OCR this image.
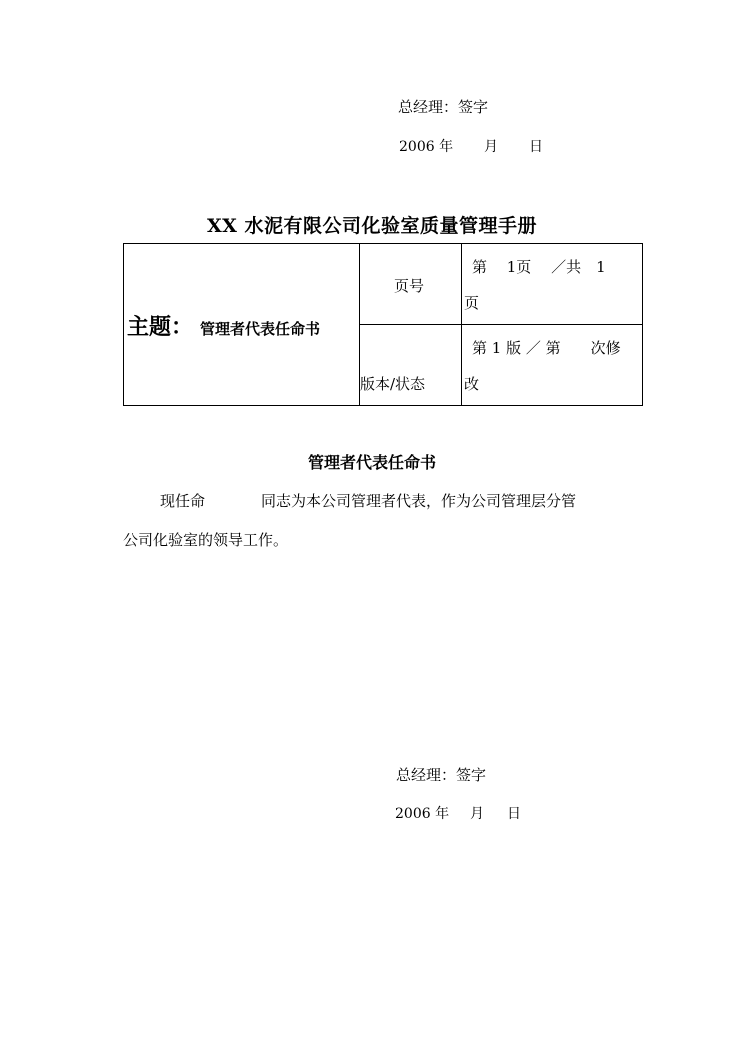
总经理：签字
2006 年 月 日
XX 水泥有限公司化验室质量管理手册
主题： 管理者代表任命书	页号	第　 1页　 ／共　1
页

	版本/状态	第 1 版 ／ 第　　次修
改
管理者代表任命书
现任命	同志为本公司管理者代表，作为公司管理层分管
公司化验室的领导工作。
总经理：签字
2006 年 月 日
